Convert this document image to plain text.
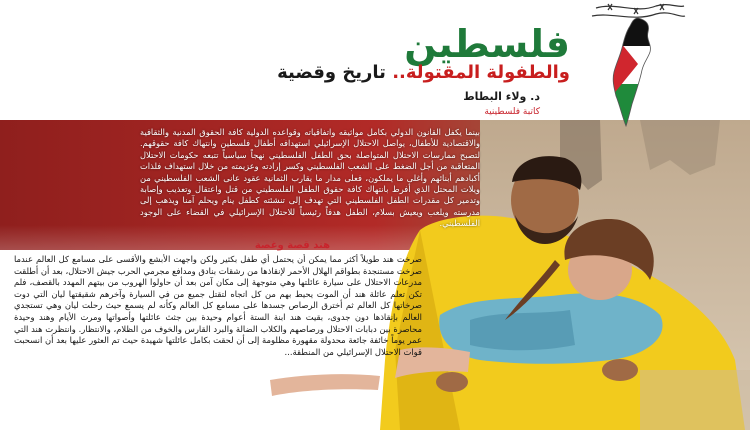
فلسطين
والطفولة المقتولة.. تاريخ وقضية
د. ولاء البطاط
كاتبة فلسطينية
بينما يكفل القانون الدولي بكامل مواثيقه واتفاقياته وقواعده الدولية كافة الحقوق المدنية والثقافية والاقتصادية للأطفال، يواصل الاحتلال الإسرائيلي استهدافه أطفال فلسطين وانتهاك كافة حقوقهم. لتصبح ممارسات الاحتلال المتواصلة بحق الطفل الفلسطيني نهجاً سياسياً تتبعه حكومات الاحتلال المتعاقبة من أجل الضغط على الشعب الفلسطيني وكسر إرادته وعزيمته من خلال استهداف فلذات أكبادهم أبنائهم وأغلى ما يملكون، فعلى مدار ما يقارب الثمانية عقود عانى الشعب الفلسطيني من ويلات المحتل الذي أفرط بانتهاك كافة حقوق الطفل الفلسطيني من قتل واعتقال وتعذيب وإصابة وتدمير كل مقدرات الطفل الفلسطيني التي تهدف إلى تنشئته كطفل ينام ويحلم آمنا ويذهب إلى مدرسته ويلعب ويعيش بسلام، الطفل هدفاً رئيسياً للاحتلال الإسرائيلي في القضاء على الوجود الفلسطيني.
هند قصة وغصة

صرخت هند طويلاً أكثر مما يمكن أن يحتمل أي طفل بكثير ولكن واجهت الأبشع والأقسى على مسامع كل العالم عندما صرخت مستنجدة بطواقم الهلال الأحمر لإنقاذها من رشقات بنادق ومدافع مجرمي الحرب جيش الاحتلال، بعد أن أطلقت مدرعات الاحتلال على سيارة عائلتها وهي متوجهة إلى مكان آمن بعد أن حاولوا الهروب من بيتهم المهدد بالقصف، فلم تكن تعلم عائلة هند أن الموت يحيط بهم من كل اتجاه لتقتل جميع من في السيارة وآخرهم شقيقتها ليان التي دوت صرخاتها كل العالم ثم أخترق الرصاص جسدها على مسامع كل العالم وكأنه لم يسمع حيث رحلت ليان وهي تستجدي العالم بإنقاذها دون جدوى، بقيت هند ابنة الستة أعوام وحيدة بين جثث عائلتها وأصواتها ومرت الأيام وهند وحيدة محاصرة بين دبابات الاحتلال ورصاصهم والكلاب الضالة والبرد القارس والخوف من الظلام، والانتظار. وانتظرت هند التي عمر يوماً خائفة جائعة محدولة مقهورة مظلومة إلى أن لحقت بكامل عائلتها شهيدة حيث تم العثور عليها بعد أن انسحبت قوات الاحتلال الإسرائيلي من المنطقة...
